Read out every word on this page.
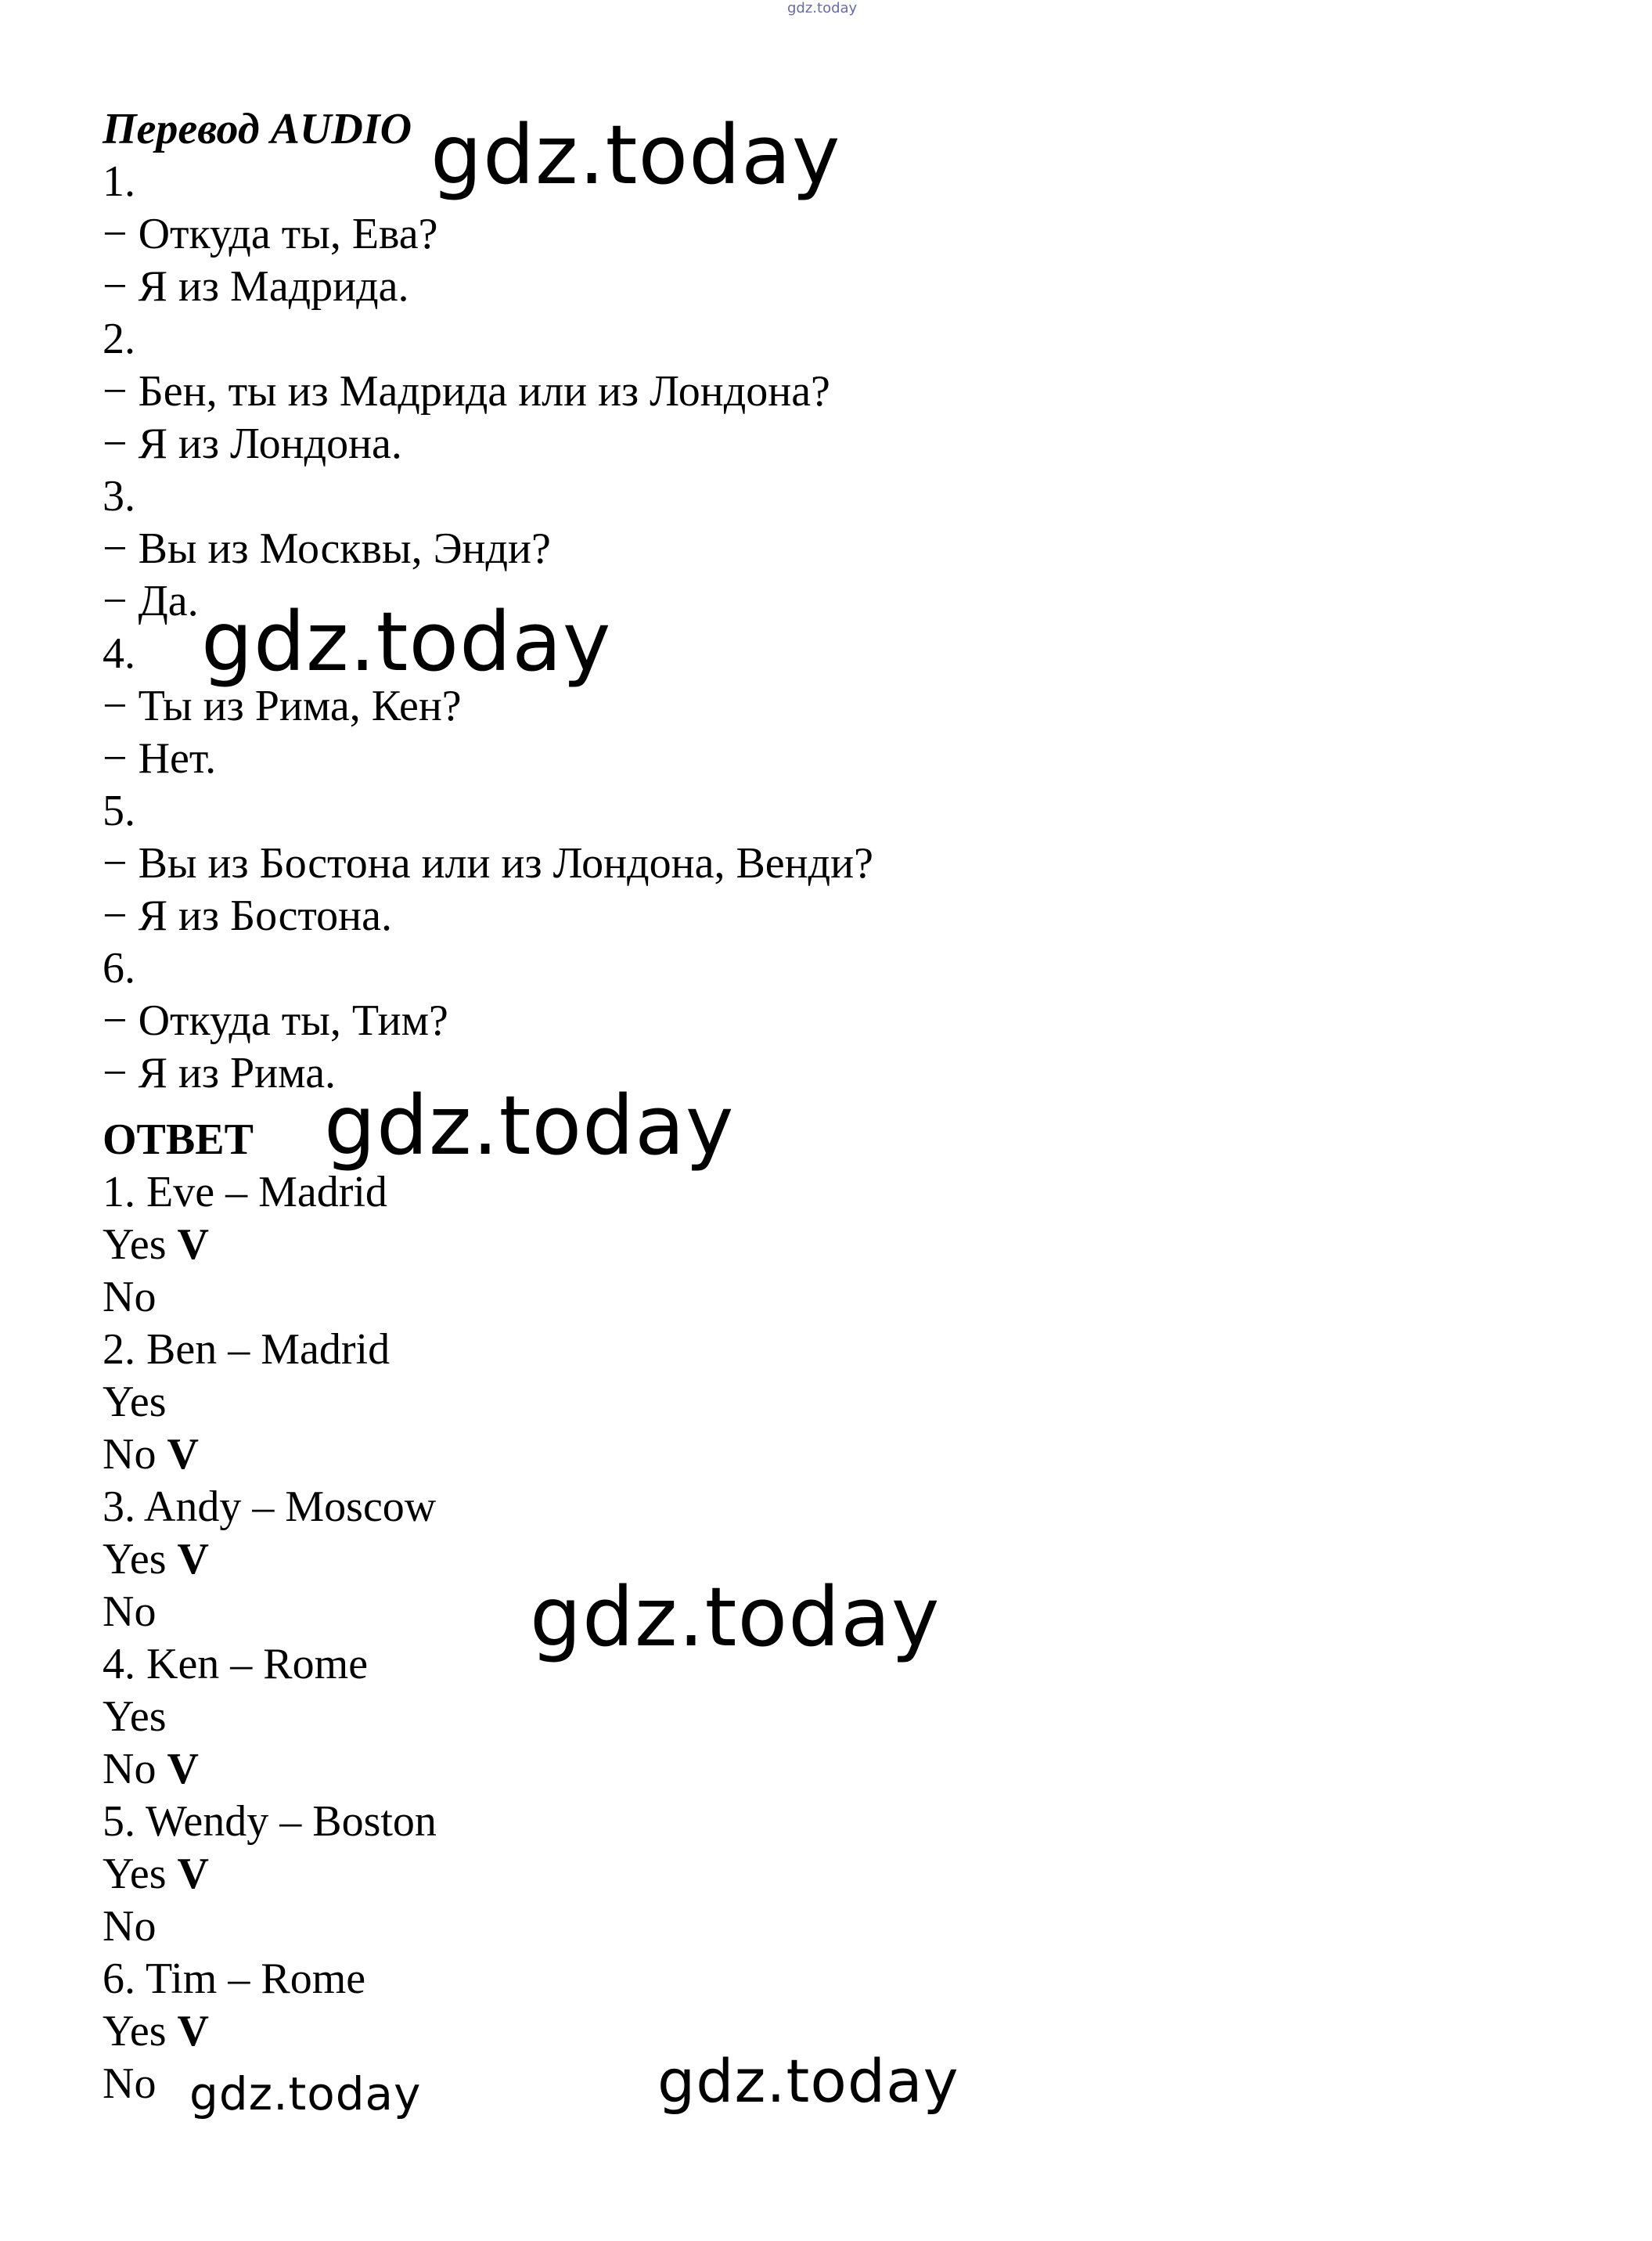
gdz.today
Перевод AUDIO
1.
− Откуда ты, Ева?
− Я из Мадрида.
2.
− Бен, ты из Мадрида или из Лондона?
− Я из Лондона.
3.
− Вы из Москвы, Энди?
− Да.
4.
− Ты из Рима, Кен?
− Нет.
5.
− Вы из Бостона или из Лондона, Венди?
− Я из Бостона.
6.
− Откуда ты, Тим?
− Я из Рима.
ОТВЕТ
1. Eve – Madrid
Yes V
No
2. Ben – Madrid
Yes
No V
3. Andy – Moscow
Yes V
No
4. Ken – Rome
Yes
No V
5. Wendy – Boston
Yes V
No
6. Tim – Rome
Yes V
No
gdz.today
gdz.today
gdz.today
gdz.today
gdz.today	gdz.today
